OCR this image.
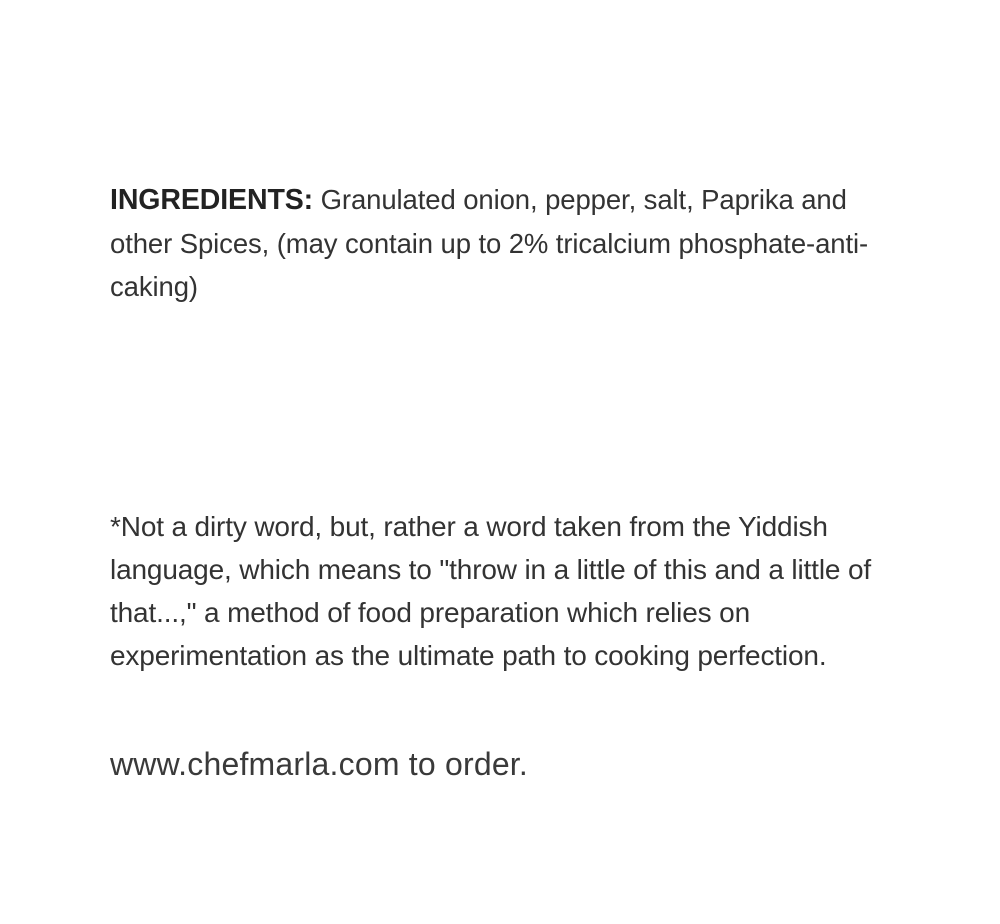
INGREDIENTS: Granulated onion, pepper, salt, Paprika and other Spices, (may contain up to 2% tricalcium phosphate-anti-caking)

*Not a dirty word, but, rather a word taken from the Yiddish language, which means to "throw in a little of this and a little of that...," a method of food preparation which relies on experimentation as the ultimate path to cooking perfection.

www.chefmarla.com to order.
